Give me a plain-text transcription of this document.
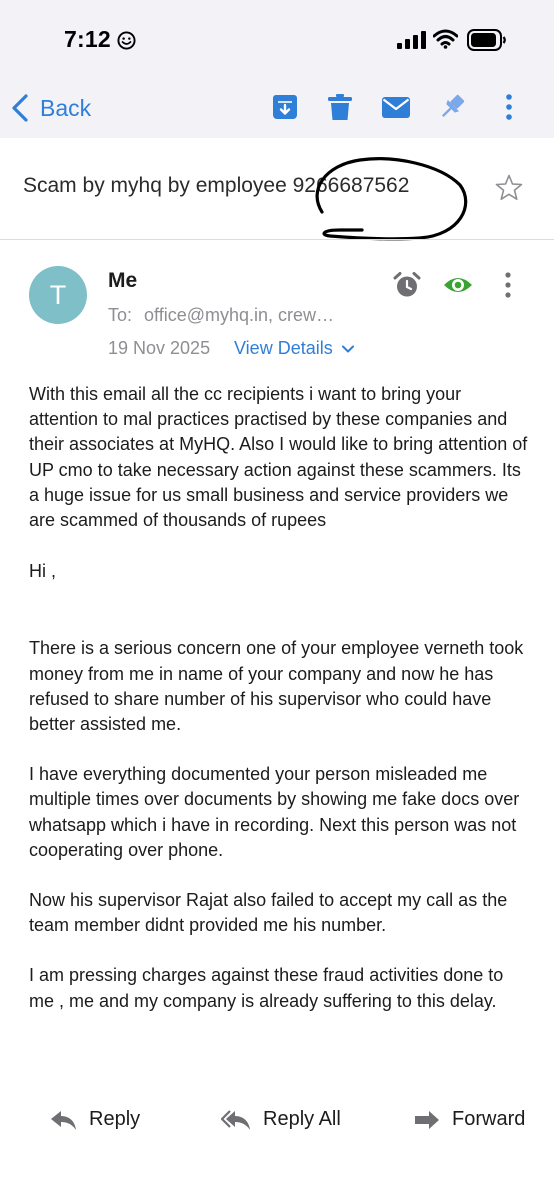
7:12
Back
Scam by myhq by employee 9266687562
T	Me
To: office@myhq.in, crew…
19 Nov 2025 View Details

With this email all the cc recipients i want to bring your attention to mal practices practised by these companies and their associates at MyHQ. Also I would like to bring attention of UP cmo to take necessary action against these scammers. Its a huge issue for us small business and service providers we are scammed of thousands of rupees

Hi ,

There is a serious concern one of your employee verneth took money from me in name of your company and now he has refused to share number of his supervisor who could have better assisted me.

I have everything documented your person misleaded me multiple times over documents by showing me fake docs over whatsapp which i have in recording. Next this person was not cooperating over phone.

Now his supervisor Rajat also failed to accept my call as the team member didnt provided me his number.

I am pressing charges against these fraud activities done to me , me and my company is already suffering to this delay.

Reply	Reply All	Forward
